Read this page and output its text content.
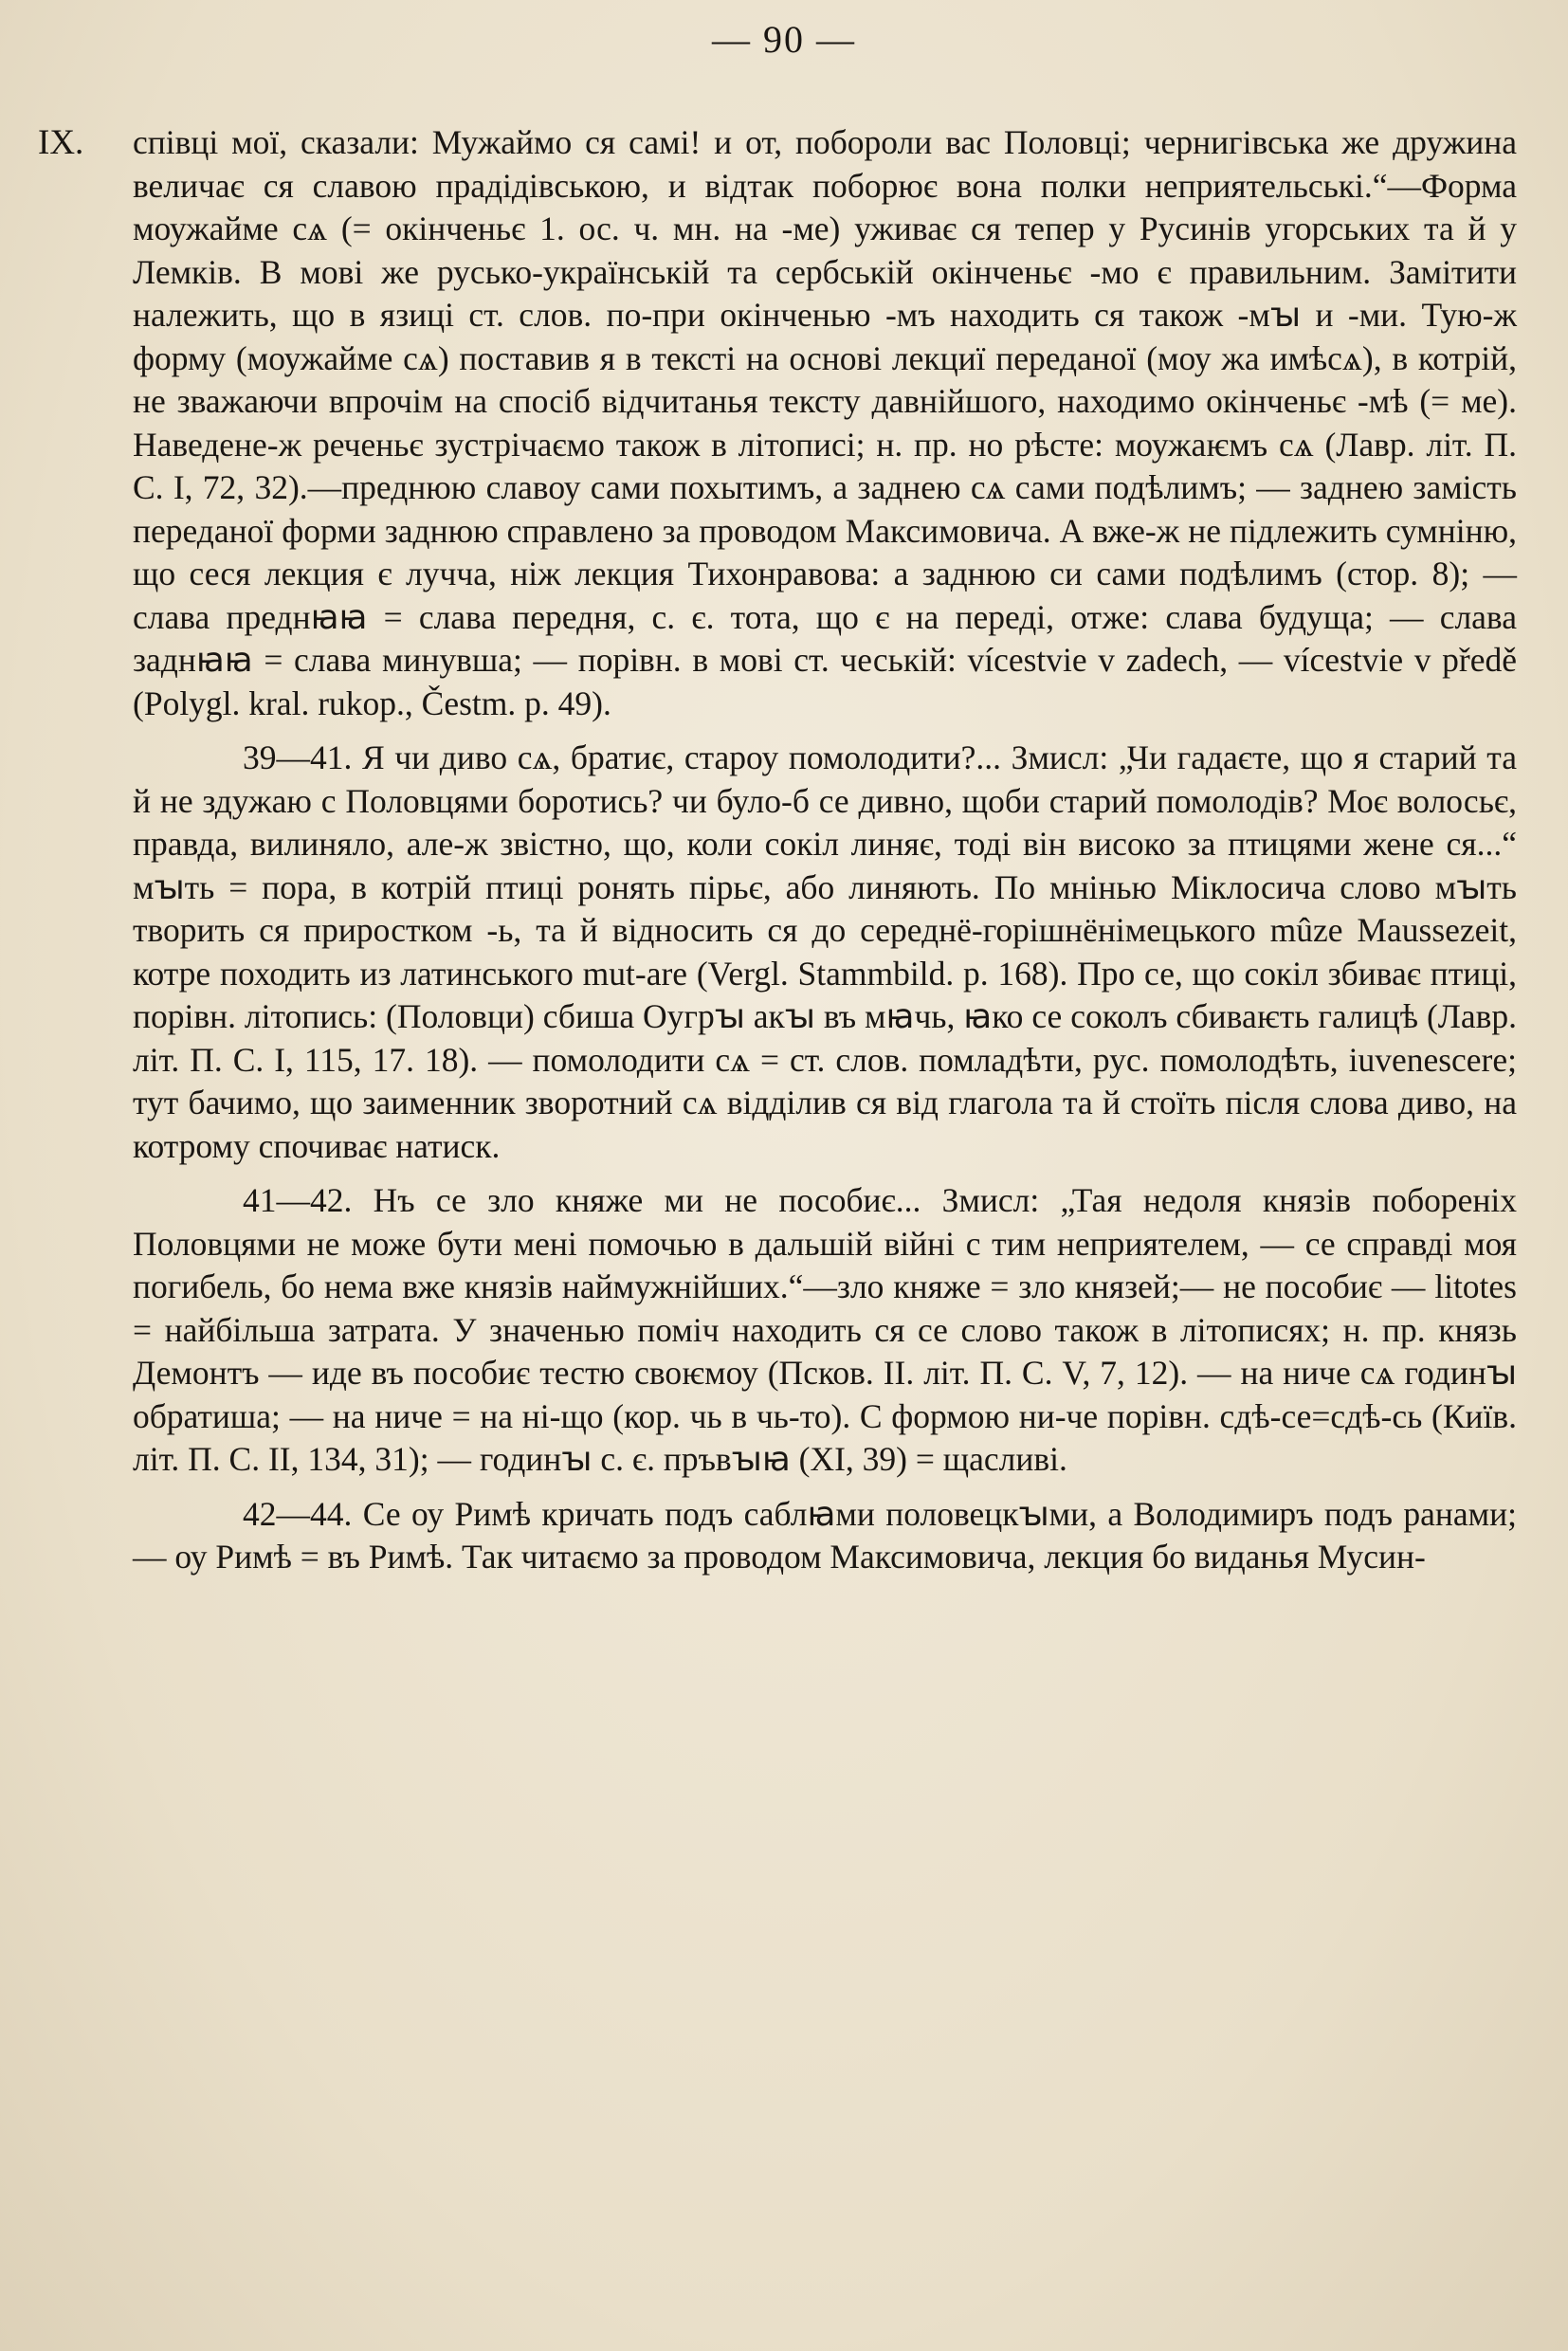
— 90 —
IX. співці мої, сказали: Мужаймо ся самі! и от, побороли вас Половці; чернигівська же дружина величає ся славою прадідівською, и відтак поборює вона полки неприятельські.“—Форма моужайме сѧ (= окінченьє 1. ос. ч. мн. на -ме) уживає ся тепер у Русинів угорських та й у Лемків. В мові же русько-українській та сербській окінченьє -мо є правильним. Замітити належить, що в язиці ст. слов. по-при окінченью -мъ находить ся також -мꙑ и -ми. Тую-ж форму (моужайме сѧ) поставив я в тексті на основі лекциї переданої (моу жа имѣсѧ), в котрій, не зважаючи впрочім на спосіб відчитанья тексту давнійшого, находимо окінченьє -мѣ (= ме). Наведене-ж реченьє зустрічаємо також в літописі; н. пр. но рѣсте: моужаѥмъ сѧ (Лавр. літ. П. С. І, 72, 32).—преднюю славоу сами похытимъ, а заднею сѧ сами подѣлимъ; — заднею замість переданої форми заднюю справлено за проводом Максимовича. А вже-ж не підлежить сумніню, що сеся лекция є лучча, ніж лекция Тихонравова: а заднюю си сами подѣлимъ (стор. 8); — слава преднꙗꙗ = слава передня, с. є. тота, що є на переді, отже: слава будуща; — слава заднꙗꙗ = слава минувша; — порівн. в мові ст. чеській: vícestvie v zadech, — vícestvie v předě (Polygl. kral. rukop., Čestm. p. 49).

39—41. Я чи диво сѧ, братиє, староу помолодити?... Змисл: „Чи гадаєте, що я старий та й не здужаю с Половцями боротись? чи було-б се дивно, щоби старий помолодів? Моє волосьє, правда, вилиняло, але-ж звістно, що, коли сокіл линяє, тоді він високо за птицями жене ся...“ мꙑть = пора, в котрій птиці ронять пірьє, або линяють. По мнінью Міклосича слово мꙑть творить ся приростком -ь, та й відносить ся до середнё-горішнёнімецького mûze Maussezeit, котре походить из латинського mut-are (Vergl. Stammbild. p. 168). Про се, що сокіл збиває птиці, порівн. літопись: (Половци) сбиша Оугрꙑ акꙑ въ мꙗчь, ꙗко се соколъ сбиваѥть галицѣ (Лавр. літ. П. С. І, 115, 17. 18). — помолодити сѧ = ст. слов. помладѣти, рус. помолодѣть, iuvenescere; тут бачимо, що заименник зворотний сѧ відділив ся від глагола та й стоїть після слова диво, на котрому спочиває натиск.

41—42. Нъ се зло княже ми не пособиє... Змисл: „Тая недоля князів побореніх Половцями не може бути мені помочью в дальшій війні с тим неприятелем, — се справді моя погибель, бо нема вже князів наймужнійших.“—зло княже = зло князей;— не пособиє — litotes = найбільша затрата. У значенью поміч находить ся се слово також в літописях; н. пр. князь Демонтъ — иде въ пособиє тестю своѥмоу (Псков. ІІ. літ. П. С. V, 7, 12). — на ниче сѧ годинꙑ обратиша; — на ниче = на ні-що (кор. чь в чь-то). С формою ни-че порівн. сдѣ-се=сдѣ-сь (Київ. літ. П. С. ІІ, 134, 31); — годинꙑ с. є. пръвꙑꙗ (ХІ, 39) = щасливі.

42—44. Се оу Римѣ кричать подъ саблꙗми половецкꙑми, а Володимиръ подъ ранами; — оу Римѣ = въ Римѣ. Так читаємо за проводом Максимовича, лекция бо виданья Мусин-
